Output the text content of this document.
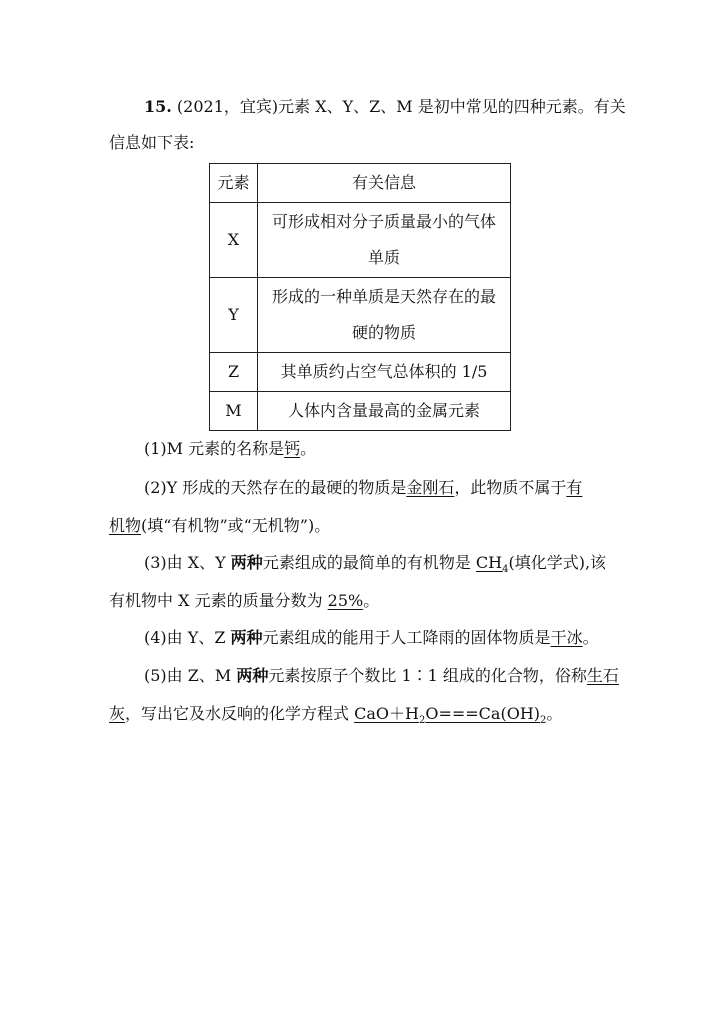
15. (2021，宜宾)元素 X、Y、Z、M 是初中常见的四种元素。有关
信息如下表:
元素	有关信息
X	可形成相对分子质量最小的气体
单质

Y	形成的一种单质是天然存在的最
硬的物质

Z	其单质约占空气总体积的 1/5
M	人体内含量最高的金属元素
(1)M 元素的名称是钙。
(2)Y 形成的天然存在的最硬的物质是金刚石，此物质不属于有
机物(填“有机物”或“无机物”)。
(3)由 X、Y 两种元素组成的最简单的有机物是 $CH_4$(填化学式),该
有机物中 X 元素的质量分数为 25%。
(4)由 Y、Z 两种元素组成的能用于人工降雨的固体物质是干冰。
(5)由 Z、M 两种元素按原子个数比 1∶1 组成的化合物，俗称生石
灰，写出它及水反响的化学方程式 $CaO+H_2O===Ca(OH)_2$。
